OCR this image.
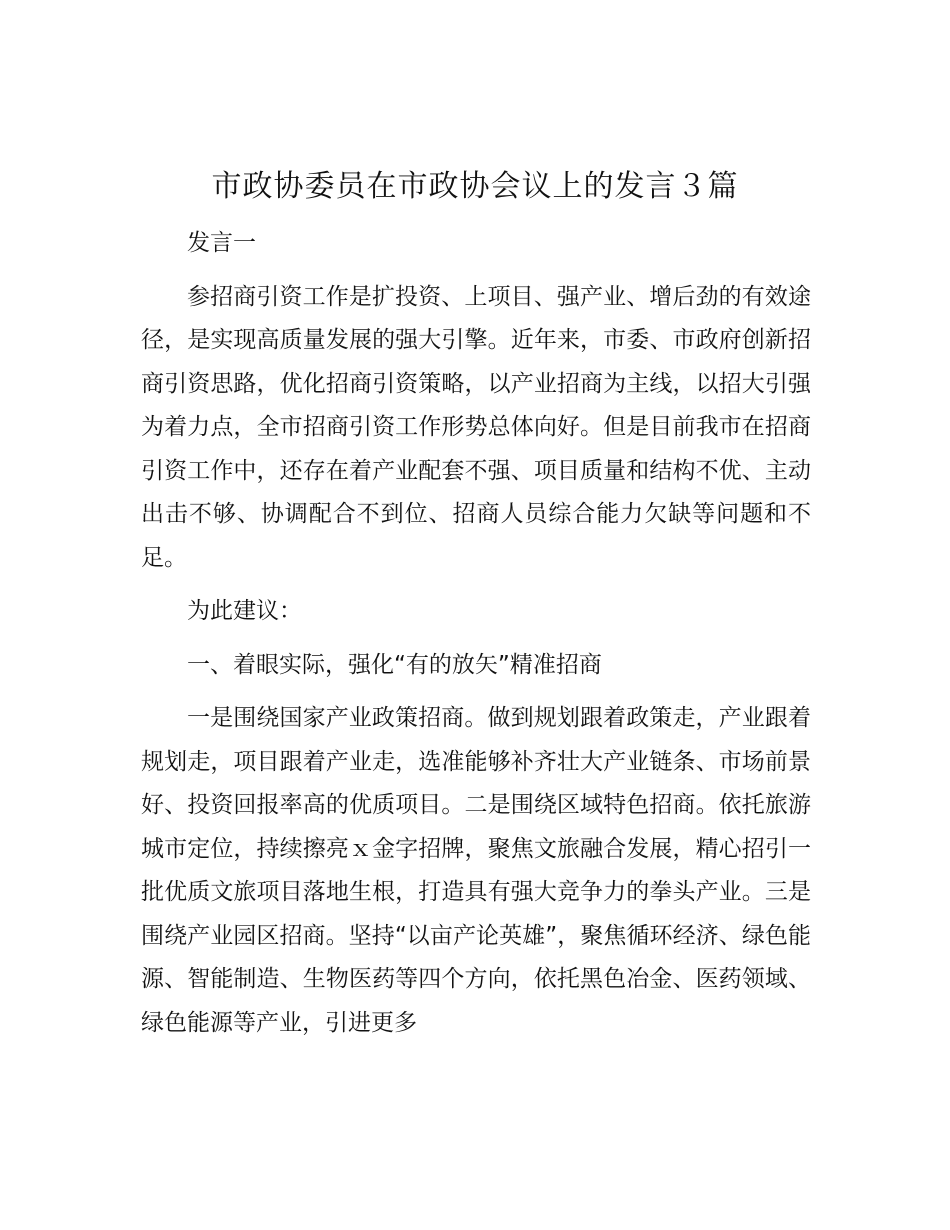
市政协委员在市政协会议上的发言３篇

发言一

参招商引资工作是扩投资、上项目、强产业、增后劲的有效途径，是实现高质量发展的强大引擎。近年来，市委、市政府创新招商引资思路，优化招商引资策略，以产业招商为主线，以招大引强为着力点，全市招商引资工作形势总体向好。但是目前我市在招商引资工作中，还存在着产业配套不强、项目质量和结构不优、主动出击不够、协调配合不到位、招商人员综合能力欠缺等问题和不足。

为此建议：

一、着眼实际，强化“有的放矢”精准招商

一是围绕国家产业政策招商。做到规划跟着政策走，产业跟着规划走，项目跟着产业走，选准能够补齐壮大产业链条、市场前景好、投资回报率高的优质项目。二是围绕区域特色招商。依托旅游城市定位，持续擦亮ｘ金字招牌，聚焦文旅融合发展，精心招引一批优质文旅项目落地生根，打造具有强大竞争力的拳头产业。三是围绕产业园区招商。坚持“以亩产论英雄”，聚焦循环经济、绿色能源、智能制造、生物医药等四个方向，依托黑色冶金、医药领域、绿色能源等产业，引进更多
